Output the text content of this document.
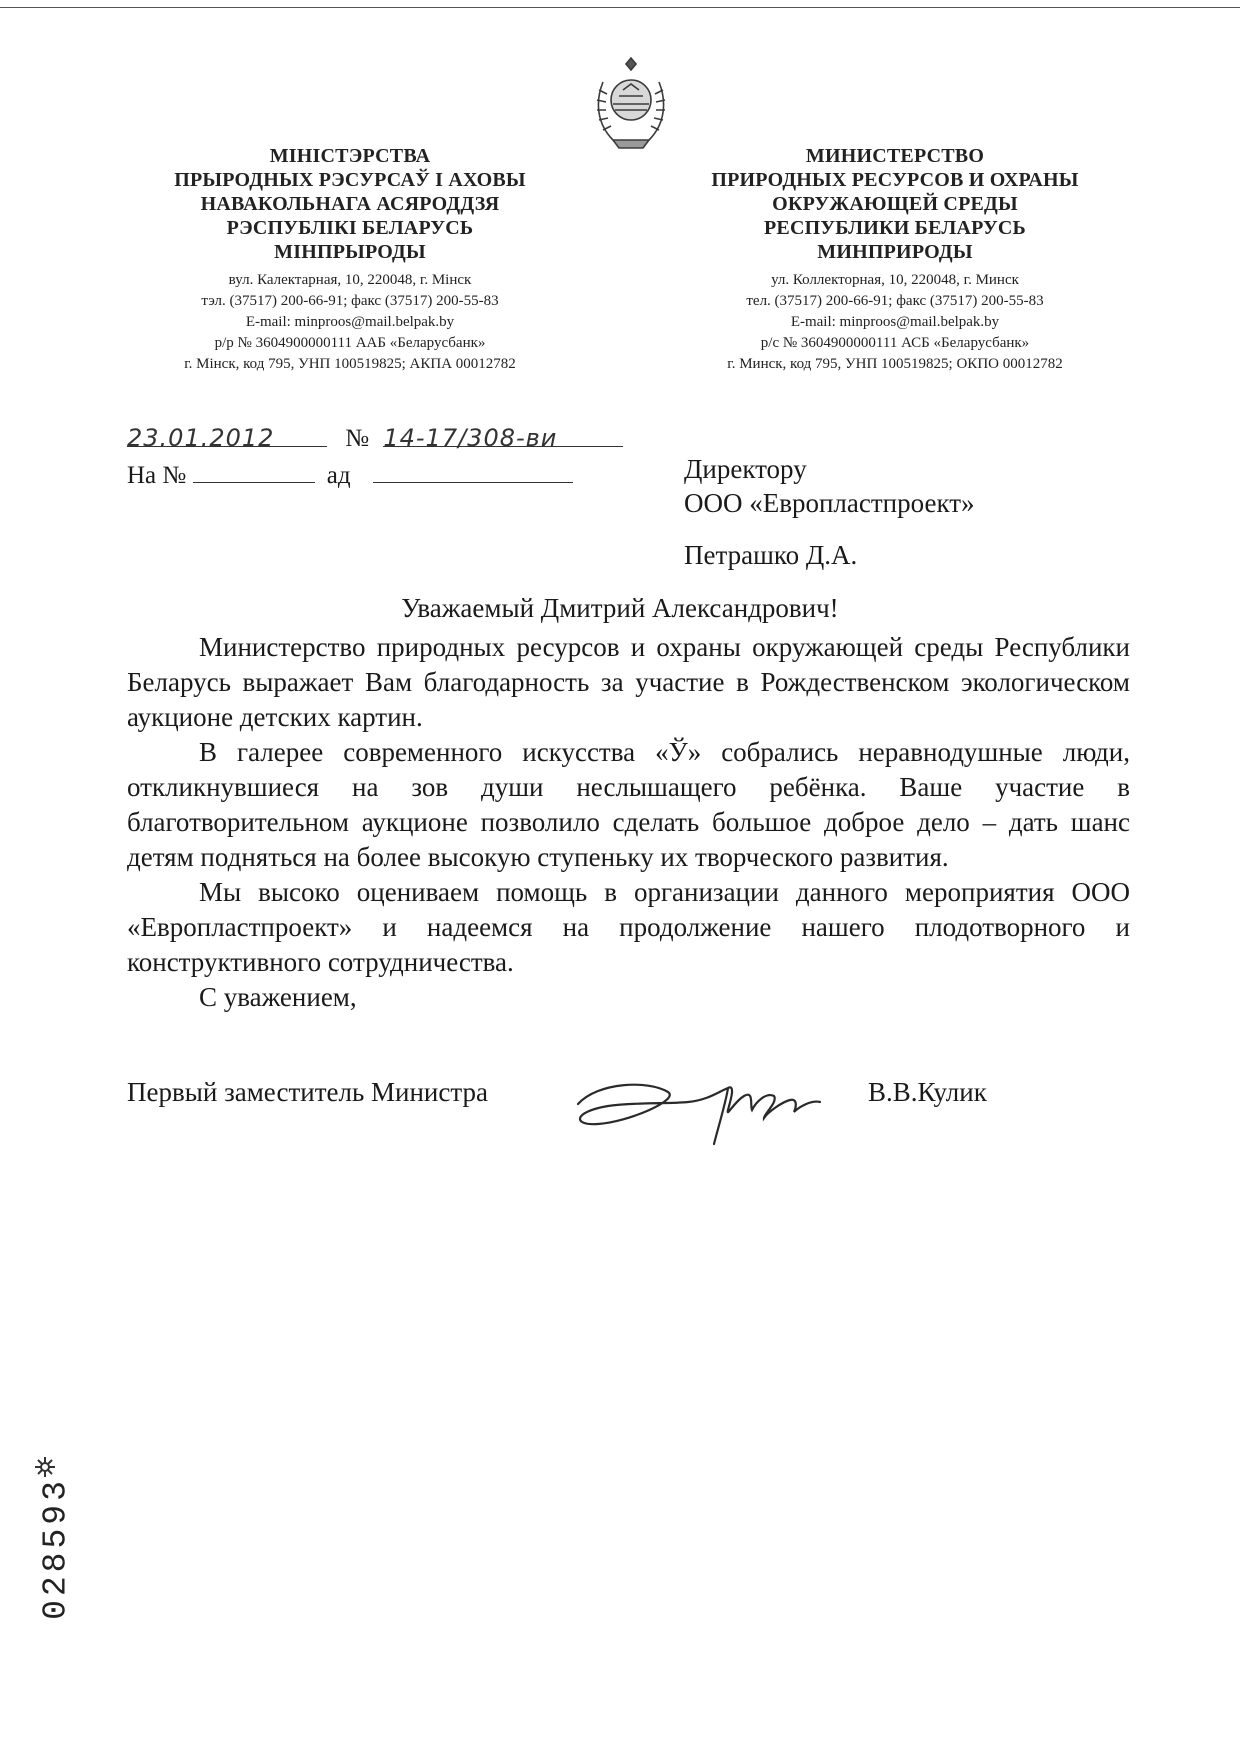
МІНІСТЭРСТВА
ПРЫРОДНЫХ РЭСУРСАЎ І АХОВЫ
НАВАКОЛЬНАГА АСЯРОДДЗЯ
РЭСПУБЛІКІ БЕЛАРУСЬ
МІНПРЫРОДЫ
вул. Калектарная, 10, 220048, г. Мінск
тэл. (37517) 200-66-91; факс (37517) 200-55-83
E-mail: minproos@mail.belpak.by
р/р № 3604900000111 ААБ «Беларусбанк»
г. Мінск, код 795, УНП 100519825; АКПА 00012782
МИНИСТЕРСТВО
ПРИРОДНЫХ РЕСУРСОВ И ОХРАНЫ
ОКРУЖАЮЩЕЙ СРЕДЫ
РЕСПУБЛИКИ БЕЛАРУСЬ
МИНПРИРОДЫ
ул. Коллекторная, 10, 220048, г. Минск
тел. (37517) 200-66-91; факс (37517) 200-55-83
E-mail: minproos@mail.belpak.by
р/с № 3604900000111 АСБ «Беларусбанк»
г. Минск, код 795, УНП 100519825; ОКПО 00012782
23.01.2012	№ 14-17/308-ви
На №	ад	Директору
ООО «Европластпроект»
Петрашко Д.А.
Уважаемый Дмитрий Александрович!

Министерство природных ресурсов и охраны окружающей среды Республики Беларусь выражает Вам благодарность за участие в Рождественском экологическом аукционе детских картин.

В галерее современного искусства «Ў» собрались неравнодушные люди, откликнувшиеся на зов души неслышащего ребёнка. Ваше участие в благотворительном аукционе позволило сделать большое доброе дело – дать шанс детям подняться на более высокую ступеньку их творческого развития.

Мы высоко оцениваем помощь в организации данного мероприятия ООО «Европластпроект» и надеемся на продолжение нашего плодотворного и конструктивного сотрудничества.

С уважением,

Первый заместитель Министра	В.В.Кулик
028593
